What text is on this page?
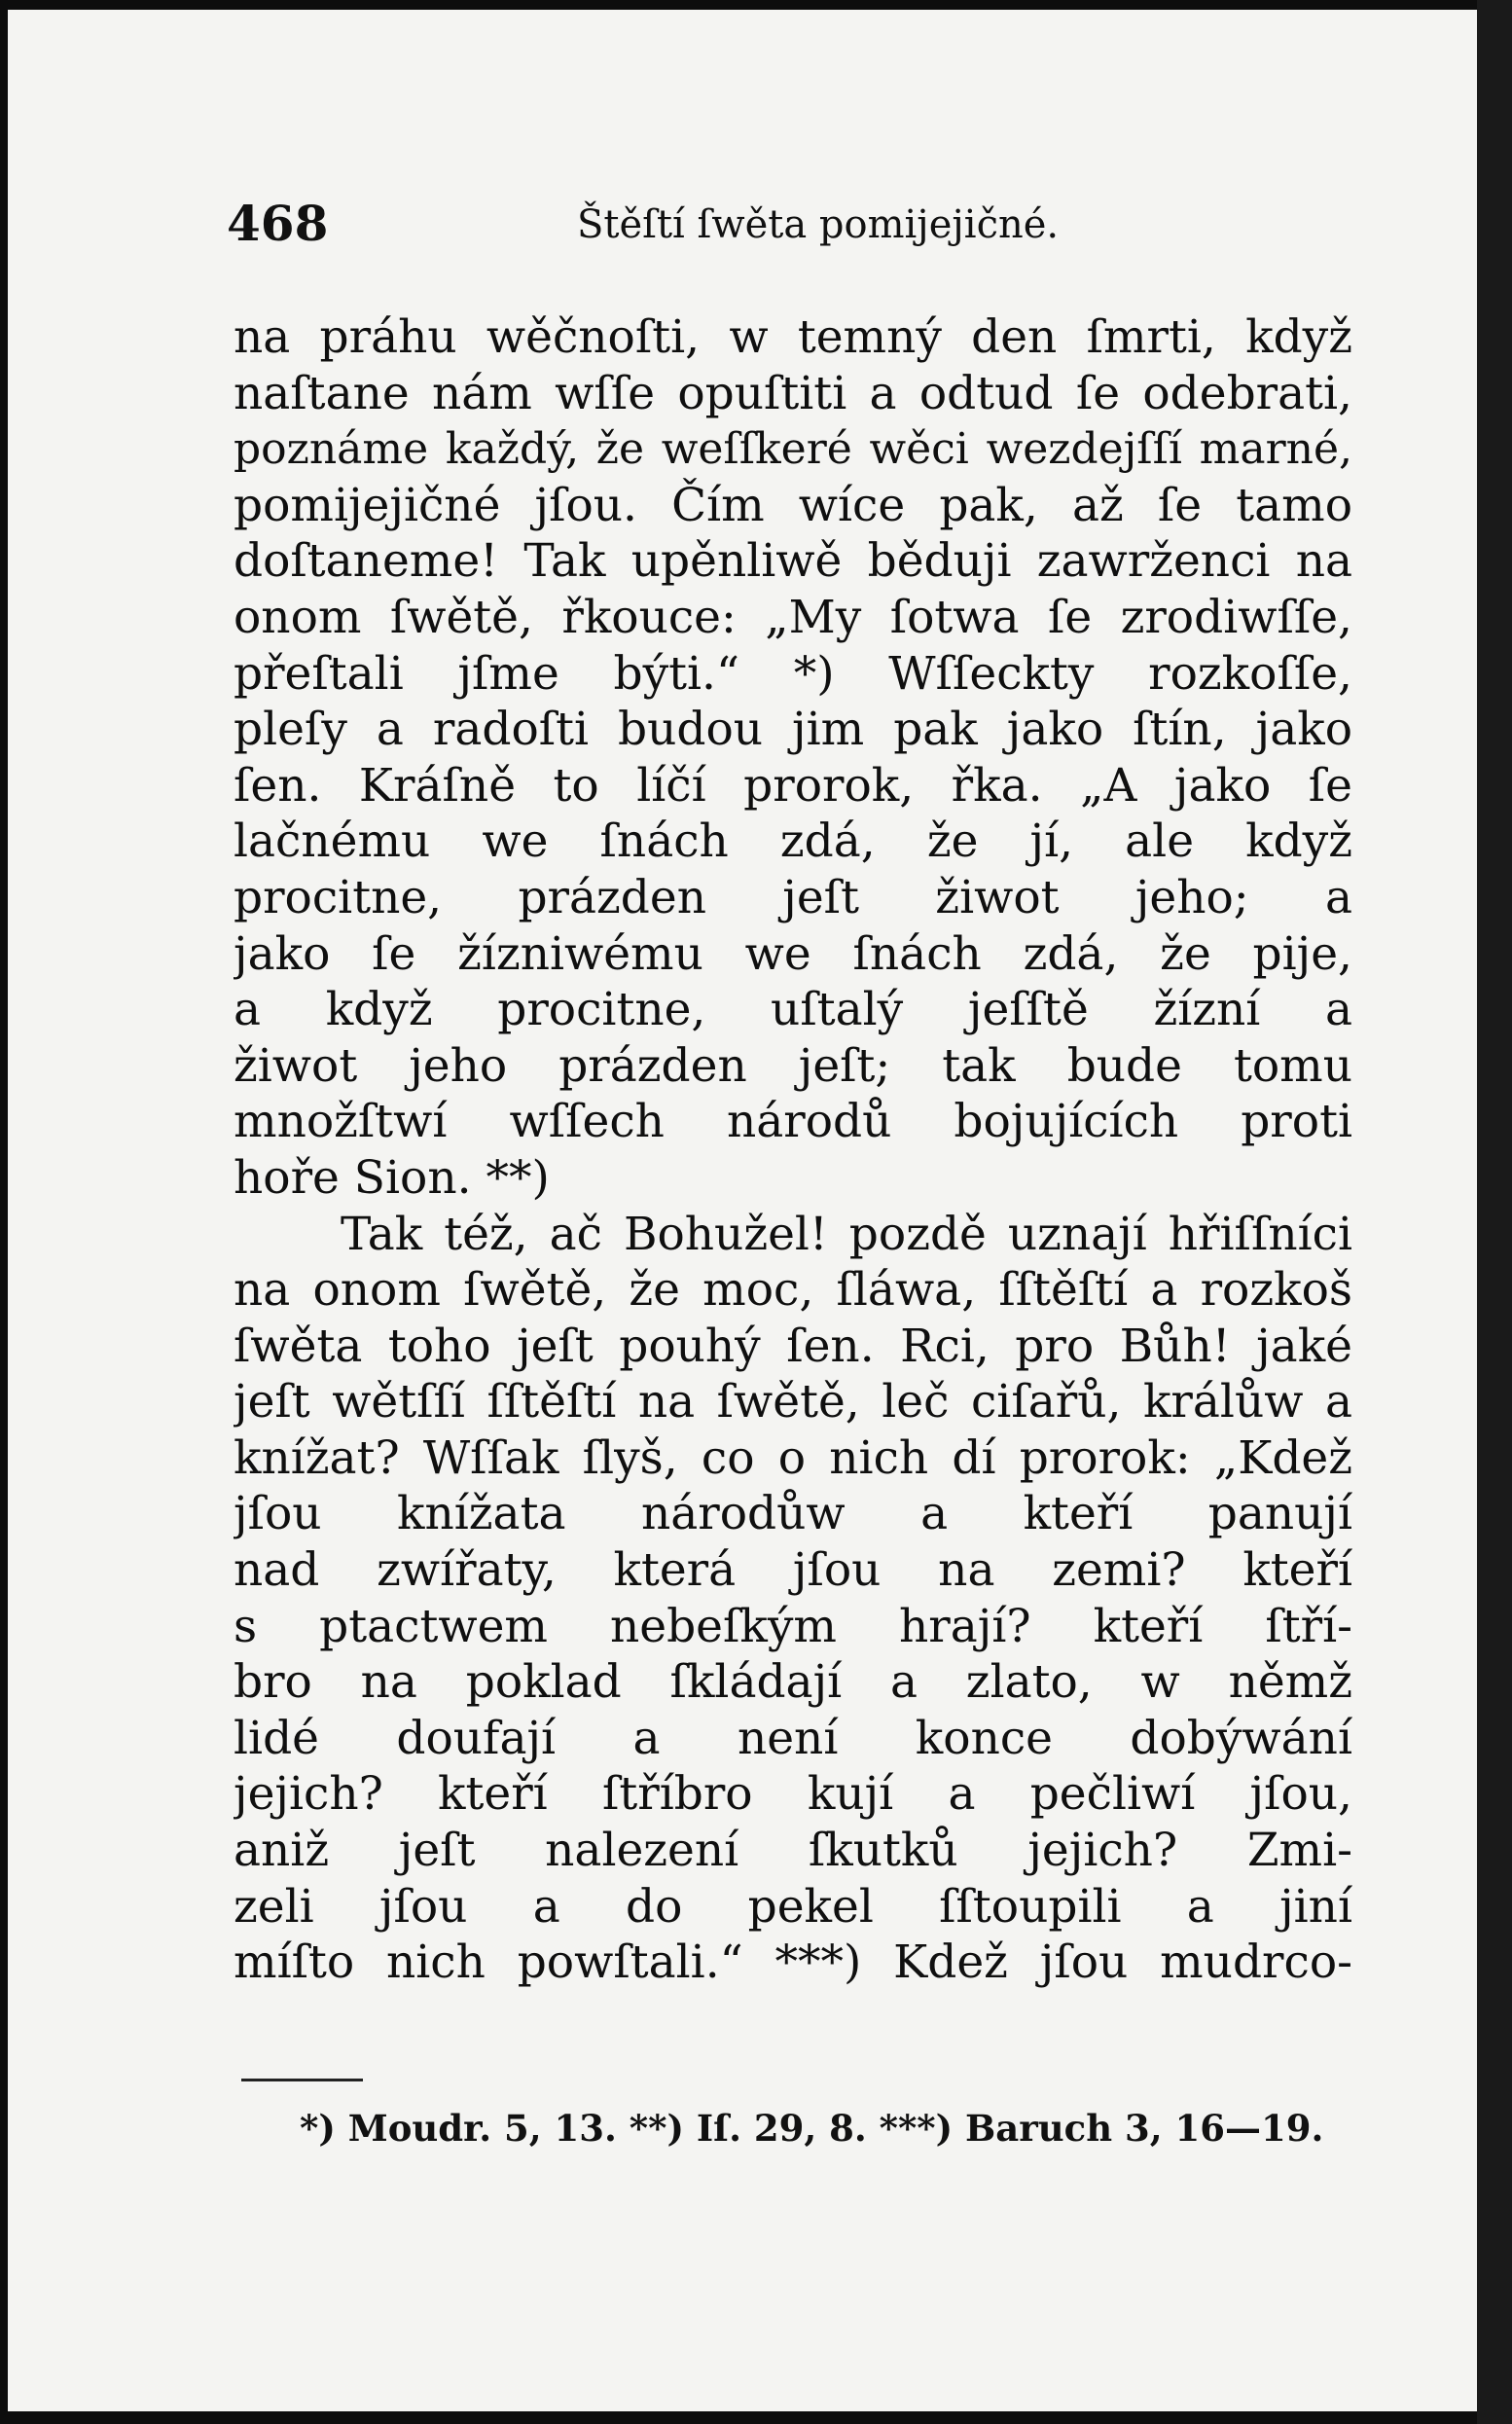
468	Štěſtí ſwěta pomijejičné.
na práhu wěčnoſti, w temný den ſmrti, když
naſtane nám wſſe opuſtiti a odtud ſe odebrati,
poznáme každý, že weſſkeré wěci wezdejſſí marné,
pomijejičné jſou. Čím wíce pak, až ſe tamo
doſtaneme! Tak upěnliwě běduji zawrženci na
onom ſwětě, řkouce: „My ſotwa ſe zrodiwſſe,
přeſtali jſme býti.“ *) Wſſeckty rozkoſſe,
pleſy a radoſti budou jim pak jako ſtín, jako
ſen. Kráſně to líčí prorok, řka. „A jako ſe
lačnému we ſnách zdá, že jí, ale když
procitne, prázden jeſt žiwot jeho; a
jako ſe žízniwému we ſnách zdá, že pije,
a když procitne, uſtalý jeſſtě žízní a
žiwot jeho prázden jeſt; tak bude tomu
množſtwí wſſech národů bojujících proti
hoře Sion. **)
Tak též, ač Bohužel! pozdě uznají hřiſſníci
na onom ſwětě, že moc, ſláwa, ſſtěſtí a rozkoš
ſwěta toho jeſt pouhý ſen. Rci, pro Bůh! jaké
jeſt wětſſí ſſtěſtí na ſwětě, leč ciſařů, králůw a
knížat? Wſſak ſlyš, co o nich dí prorok: „Kdež
jſou knížata národůw a kteří panují
nad zwířaty, která jſou na zemi? kteří
s ptactwem nebeſkým hrají? kteří ſtří-
bro na poklad ſkládají a zlato, w němž
lidé doufají a není konce dobýwání
jejich? kteří ſtříbro kují a pečliwí jſou,
aniž jeſt nalezení ſkutků jejich? Zmi-
zeli jſou a do pekel ſſtoupili a jiní
míſto nich powſtali.“ ***) Kdež jſou mudrco-
*) Moudr. 5, 13. **) Iſ. 29, 8. ***) Baruch 3, 16—19.
